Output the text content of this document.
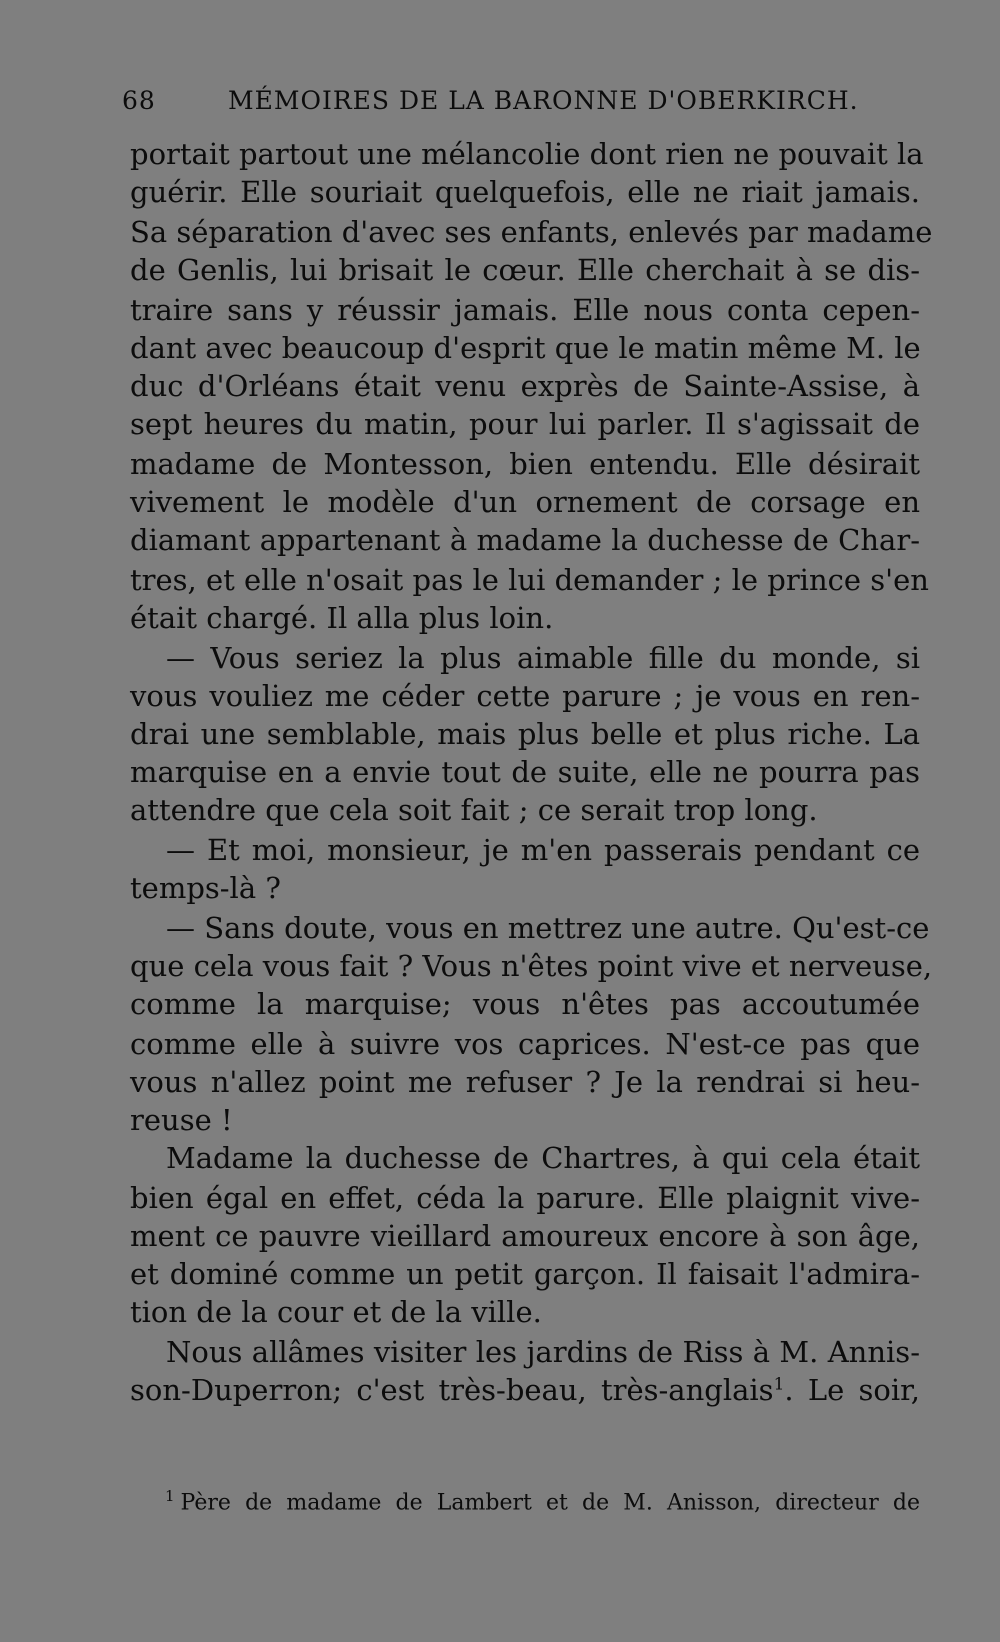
68	MÉMOIRES DE LA BARONNE D'OBERKIRCH.
portait partout une mélancolie dont rien ne pouvait la
guérir. Elle souriait quelquefois, elle ne riait jamais.
Sa séparation d'avec ses enfants, enlevés par madame
de Genlis, lui brisait le cœur. Elle cherchait à se dis-
traire sans y réussir jamais. Elle nous conta cepen-
dant avec beaucoup d'esprit que le matin même M. le
duc d'Orléans était venu exprès de Sainte-Assise, à
sept heures du matin, pour lui parler. Il s'agissait de
madame de Montesson, bien entendu. Elle désirait
vivement le modèle d'un ornement de corsage en
diamant appartenant à madame la duchesse de Char-
tres, et elle n'osait pas le lui demander ; le prince s'en
était chargé. Il alla plus loin.
— Vous seriez la plus aimable fille du monde, si
vous vouliez me céder cette parure ; je vous en ren-
drai une semblable, mais plus belle et plus riche. La
marquise en a envie tout de suite, elle ne pourra pas
attendre que cela soit fait ; ce serait trop long.
— Et moi, monsieur, je m'en passerais pendant ce
temps-là ?
— Sans doute, vous en mettrez une autre. Qu'est-ce
que cela vous fait ? Vous n'êtes point vive et nerveuse,
comme la marquise; vous n'êtes pas accoutumée
comme elle à suivre vos caprices. N'est-ce pas que
vous n'allez point me refuser ? Je la rendrai si heu-
reuse !
Madame la duchesse de Chartres, à qui cela était
bien égal en effet, céda la parure. Elle plaignit vive-
ment ce pauvre vieillard amoureux encore à son âge,
et dominé comme un petit garçon. Il faisait l'admira-
tion de la cour et de la ville.
Nous allâmes visiter les jardins de Riss à M. Annis-
son-Duperron; c'est très-beau, très-anglais$^1$. Le soir,
$^1$ Père de madame de Lambert et de M. Anisson, directeur de
